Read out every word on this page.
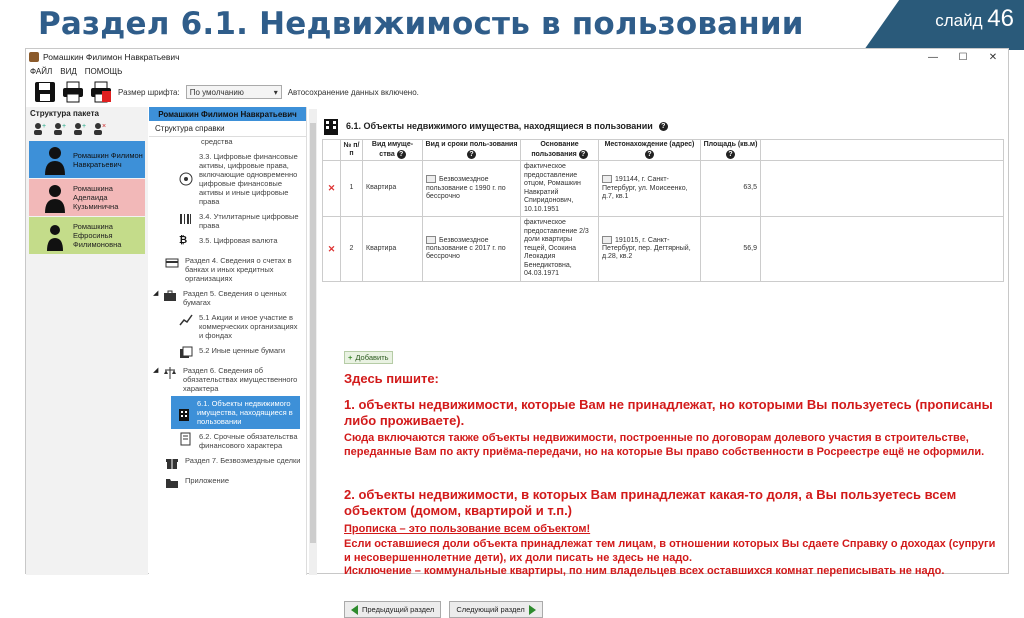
Раздел 6.1. Недвижимость в пользовании	слайд 46
Ромашкин Филимон Навкратьевич	—	☐	✕
ФАЙЛ ВИД ПОМОЩЬ
Размер шрифта: По умолчанию	▾ Автосохранение данных включено.
Структура пакета
+ + + ×
Ромашкин Филимон Навкратьевич
Ромашкина Аделаида Кузьминична
Ромашкина Ефросинья Филимоновна
Ромашкин Филимон Навкратьевич
Структура справки
средства
3.3. Цифровые финансовые активы, цифровые права, включающие одновременно цифровые финансовые активы и иные цифровые права
3.4. Утилитарные цифровые права
₿	3.5. Цифровая валюта
Раздел 4. Сведения о счетах в банках и иных кредитных организациях
◢	Раздел 5. Сведения о ценных бумагах
5.1 Акции и иное участие в коммерческих организациях и фондах
5.2 Иные ценные бумаги
◢	Раздел 6. Сведения об обязательствах имущественного характера
6.1. Объекты недвижимого имущества, находящиеся в пользовании
6.2. Срочные обязательства финансового характера
Раздел 7. Безвозмездные сделки
Приложение
6.1. Объекты недвижимого имущества, находящиеся в пользовании	?
	№ п/п	Вид имуще-ства ?	Вид и сроки поль-зования ?	Основание пользования ?	Местонахождение (адрес) ?	Площадь (кв.м) ?	
✕	1	Квартира	Безвозмездное пользование с 1990 г. по бессрочно	фактическое предоставление отцом, Ромашкин Навкратий Спиридонович, 10.10.1951	191144, г. Санкт-Петербург, ул. Моисеенко, д.7, кв.1	63,5	
✕	2	Квартира	Безвозмездное пользование с 2017 г. по бессрочно	фактическое предоставление 2/3 доли квартиры тещей, Осокина Леокадия Бенедиктовна, 04.03.1971	191015, г. Санкт-Петербург, пер. Дегтярный, д.28, кв.2	56,9	
+ Добавить
Здесь пишите:
1. объекты недвижимости, которые Вам не принадлежат, но которыми Вы пользуетесь (прописаны либо проживаете).
Сюда включаются также объекты недвижимости, построенные по договорам долевого участия в строительстве, переданные Вам по акту приёма-передачи, но на которые Вы право собственности в Росреестре ещё не оформили.
2. объекты недвижимости, в которых Вам принадлежат какая-то доля, а Вы пользуетесь всем объектом (домом, квартирой и т.п.)
Прописка – это пользование всем объектом!
Если оставшиеся доли объекта принадлежат тем лицам, в отношении которых Вы сдаете Справку о доходах (супруги и несовершеннолетние дети), их доли писать не здесь не надо.
Исключение – коммунальные квартиры, по ним владельцев всех оставшихся комнат переписывать не надо.
Предыдущий раздел	Следующий раздел
